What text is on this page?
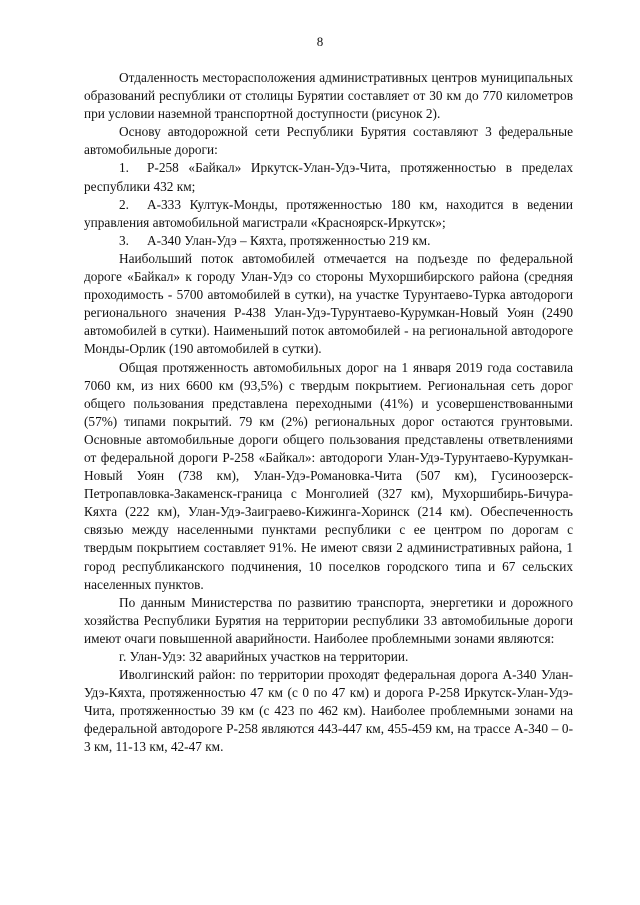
8

Отдаленность месторасположения административных центров муниципальных образований республики от столицы Бурятии составляет от 30 км до 770 километров при условии наземной транспортной доступности (рисунок 2).

Основу автодорожной сети Республики Бурятия составляют 3 федеральные автомобильные дороги:

1. Р-258 «Байкал» Иркутск-Улан-Удэ-Чита, протяженностью в пределах республики 432 км;

2. А-333 Култук-Монды, протяженностью 180 км, находится в ведении управления автомобильной магистрали «Красноярск-Иркутск»;

3. А-340 Улан-Удэ – Кяхта, протяженностью 219 км.

Наибольший поток автомобилей отмечается на подъезде по федеральной дороге «Байкал» к городу Улан-Удэ со стороны Мухоршибирского района (средняя проходимость - 5700 автомобилей в сутки), на участке Турунтаево-Турка автодороги регионального значения Р-438 Улан-Удэ-Турунтаево-Курумкан-Новый Уоян (2490 автомобилей в сутки). Наименьший поток автомобилей - на региональной автодороге Монды-Орлик (190 автомобилей в сутки).

Общая протяженность автомобильных дорог на 1 января 2019 года составила 7060 км, из них 6600 км (93,5%) с твердым покрытием. Региональная сеть дорог общего пользования представлена переходными (41%) и усовершенствованными (57%) типами покрытий. 79 км (2%) региональных дорог остаются грунтовыми. Основные автомобильные дороги общего пользования представлены ответвлениями от федеральной дороги Р-258 «Байкал»: автодороги Улан-Удэ-Турунтаево-Курумкан-Новый Уоян (738 км), Улан-Удэ-Романовка-Чита (507 км), Гусиноозерск-Петропавловка-Закаменск-граница с Монголией (327 км), Мухоршибирь-Бичура-Кяхта (222 км), Улан-Удэ-Заиграево-Кижинга-Хоринск (214 км). Обеспеченность связью между населенными пунктами республики с ее центром по дорогам с твердым покрытием составляет 91%. Не имеют связи 2 административных района, 1 город республиканского подчинения, 10 поселков городского типа и 67 сельских населенных пунктов.

По данным Министерства по развитию транспорта, энергетики и дорожного хозяйства Республики Бурятия на территории республики 33 автомобильные дороги имеют очаги повышенной аварийности. Наиболее проблемными зонами являются:

г. Улан-Удэ: 32 аварийных участков на территории.

Иволгинский район: по территории проходят федеральная дорога А-340 Улан-Удэ-Кяхта, протяженностью 47 км (с 0 по 47 км) и дорога Р-258 Иркутск-Улан-Удэ-Чита, протяженностью 39 км (с 423 по 462 км). Наиболее проблемными зонами на федеральной автодороге Р-258 являются 443-447 км, 455-459 км, на трассе А-340 – 0-3 км, 11-13 км, 42-47 км.
